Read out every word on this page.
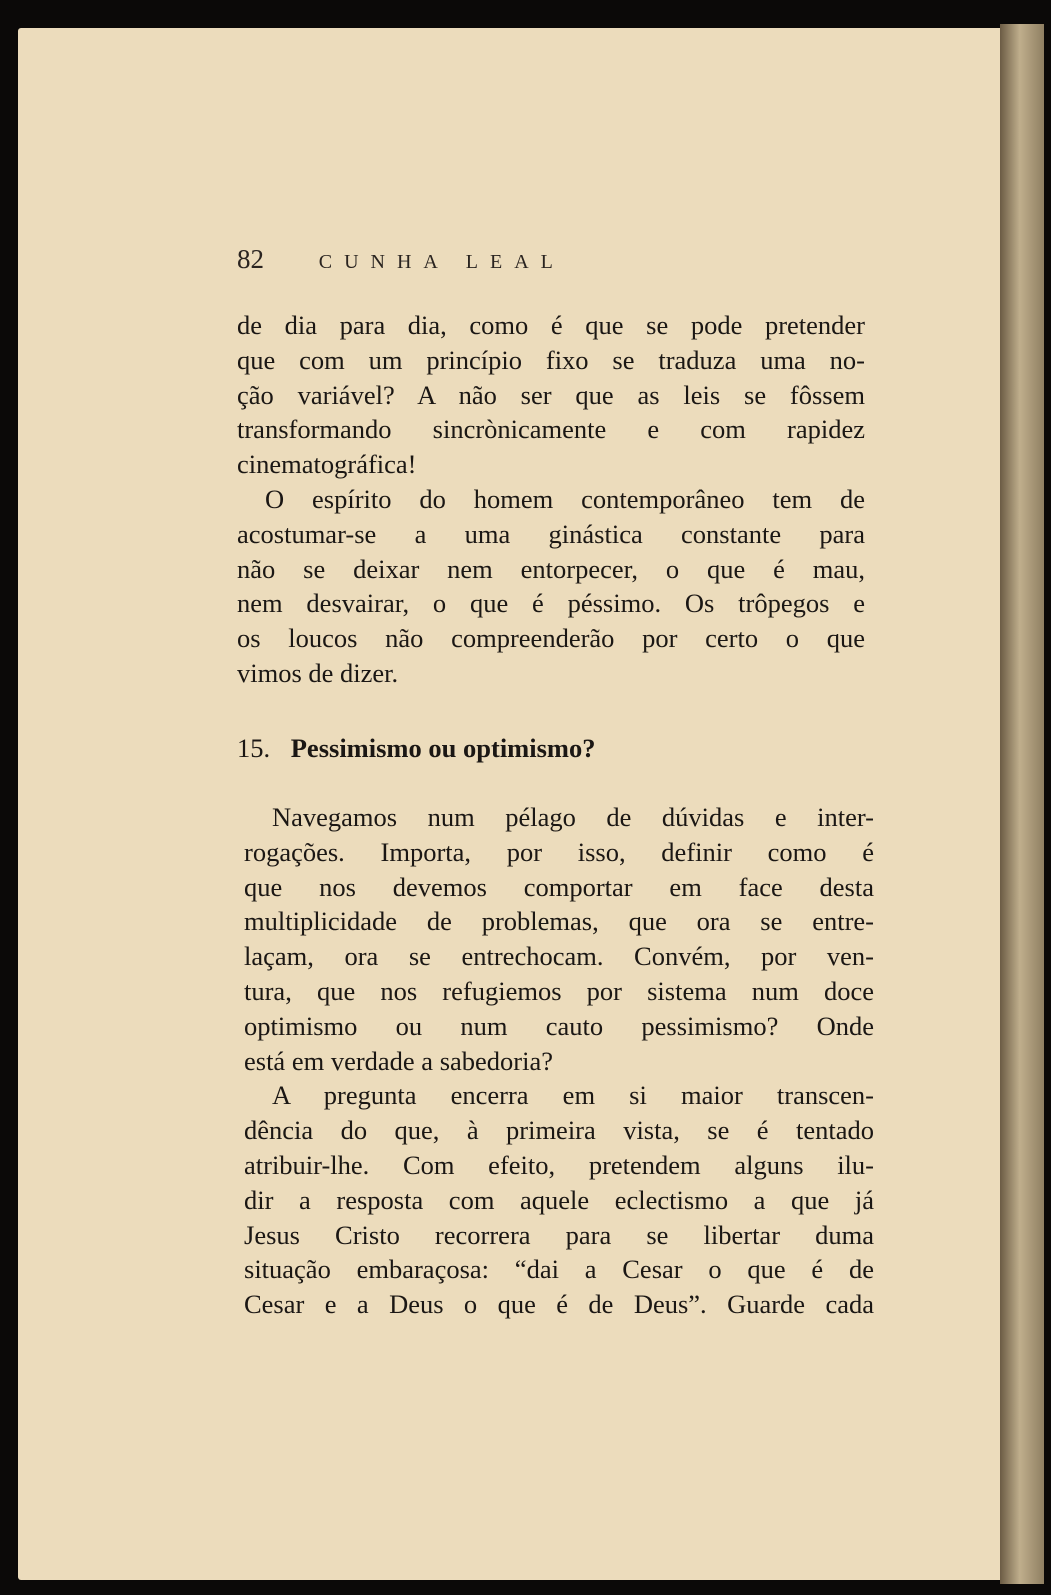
82	CUNHA LEAL
de dia para dia, como é que se pode pretender
que com um princípio fixo se traduza uma no-
ção variável? A não ser que as leis se fôssem
transformando sincrònicamente e com rapidez
cinematográfica!
O espírito do homem contemporâneo tem de
acostumar-se a uma ginástica constante para
não se deixar nem entorpecer, o que é mau,
nem desvairar, o que é péssimo. Os trôpegos e
os loucos não compreenderão por certo o que
vimos de dizer.
15. Pessimismo ou optimismo?
Navegamos num pélago de dúvidas e inter-
rogações. Importa, por isso, definir como é
que nos devemos comportar em face desta
multiplicidade de problemas, que ora se entre-
laçam, ora se entrechocam. Convém, por ven-
tura, que nos refugiemos por sistema num doce
optimismo ou num cauto pessimismo? Onde
está em verdade a sabedoria?
A pregunta encerra em si maior transcen-
dência do que, à primeira vista, se é tentado
atribuir-lhe. Com efeito, pretendem alguns ilu-
dir a resposta com aquele eclectismo a que já
Jesus Cristo recorrera para se libertar duma
situação embaraçosa: “dai a Cesar o que é de
Cesar e a Deus o que é de Deus”. Guarde cada
